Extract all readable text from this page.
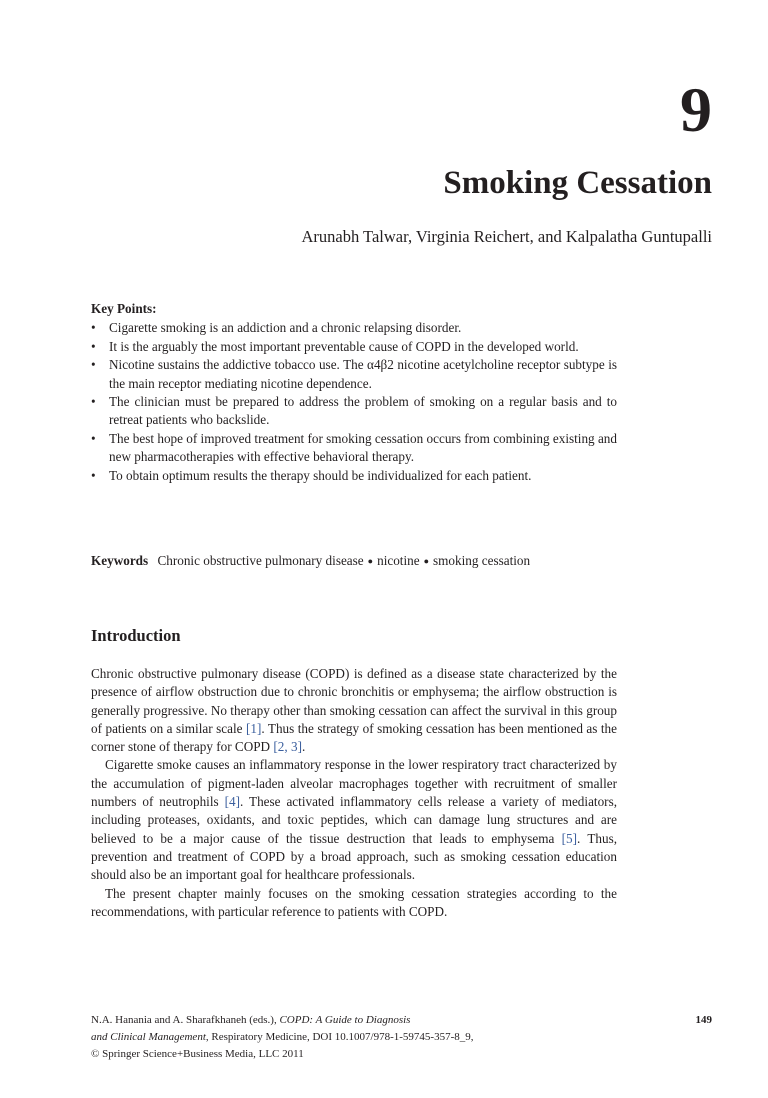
9
Smoking Cessation
Arunabh Talwar, Virginia Reichert, and Kalpalatha Guntupalli
Key Points:
• Cigarette smoking is an addiction and a chronic relapsing disorder.
• It is the arguably the most important preventable cause of COPD in the developed world.
• Nicotine sustains the addictive tobacco use. The α4β2 nicotine acetylcholine receptor subtype is the main receptor mediating nicotine dependence.
• The clinician must be prepared to address the problem of smoking on a regular basis and to retreat patients who backslide.
• The best hope of improved treatment for smoking cessation occurs from combining existing and new pharmacotherapies with effective behavioral therapy.
• To obtain optimum results the therapy should be individualized for each patient.
Keywords Chronic obstructive pulmonary disease ● nicotine ● smoking cessation
Introduction

Chronic obstructive pulmonary disease (COPD) is defined as a disease state characterized by the presence of airflow obstruction due to chronic bronchitis or emphysema; the airflow obstruction is generally progressive. No therapy other than smoking cessation can affect the survival in this group of patients on a similar scale [1]. Thus the strategy of smoking cessation has been mentioned as the corner stone of therapy for COPD [2, 3].

Cigarette smoke causes an inflammatory response in the lower respiratory tract characterized by the accumulation of pigment-laden alveolar macrophages together with recruitment of smaller numbers of neutrophils [4]. These activated inflammatory cells release a variety of mediators, including proteases, oxidants, and toxic peptides, which can damage lung structures and are believed to be a major cause of the tissue destruction that leads to emphysema [5]. Thus, prevention and treatment of COPD by a broad approach, such as smoking cessation education should also be an important goal for healthcare professionals.

The present chapter mainly focuses on the smoking cessation strategies according to the recommendations, with particular reference to patients with COPD.

N.A. Hanania and A. Sharafkhaneh (eds.), COPD: A Guide to Diagnosis
and Clinical Management, Respiratory Medicine, DOI 10.1007/978-1-59745-357-8_9,
© Springer Science+Business Media, LLC 2011
149
